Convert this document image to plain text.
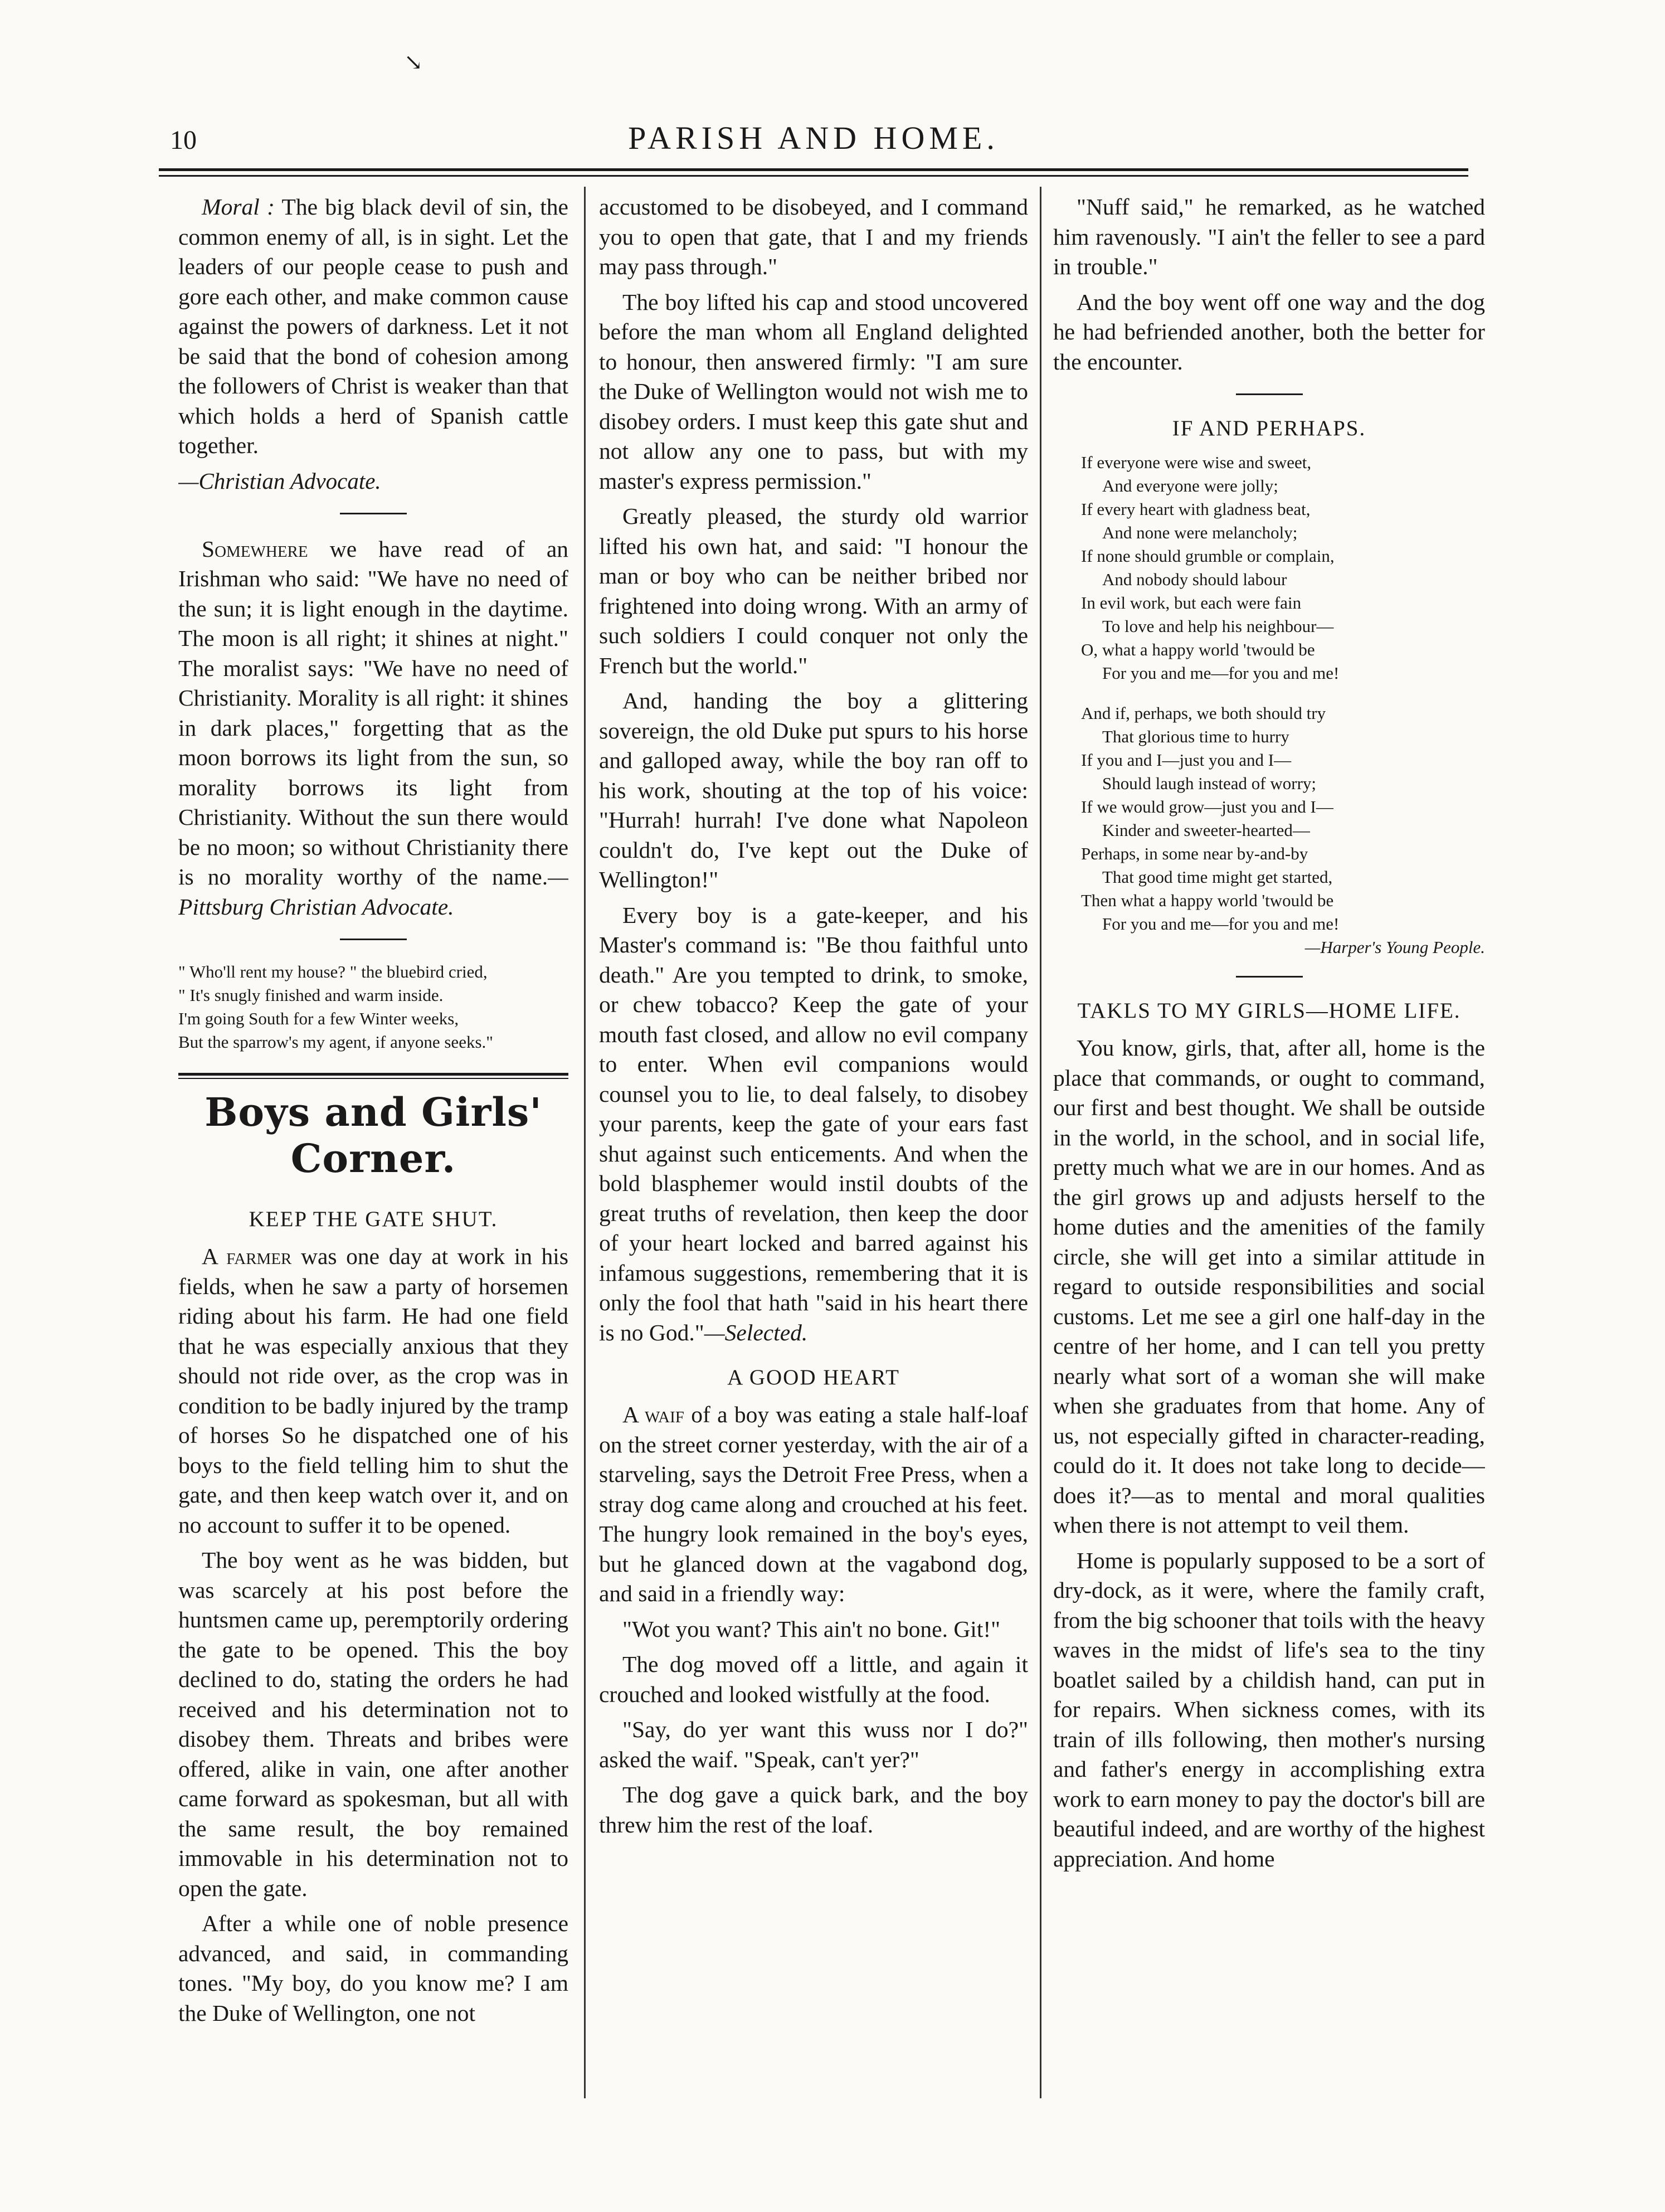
↘
10	PARISH AND HOME.

Moral : The big black devil of sin, the common enemy of all, is in sight. Let the leaders of our people cease to push and gore each other, and make common cause against the powers of darkness. Let it not be said that the bond of cohesion among the followers of Christ is weaker than that which holds a herd of Spanish cattle together.

—Christian Advocate.

Somewhere we have read of an Irishman who said: "We have no need of the sun; it is light enough in the daytime. The moon is all right; it shines at night." The moralist says: "We have no need of Christianity. Morality is all right: it shines in dark places," forgetting that as the moon borrows its light from the sun, so morality borrows its light from Christianity. Without the sun there would be no moon; so without Christianity there is no morality worthy of the name.—Pittsburg Christian Advocate.

" Who'll rent my house? " the bluebird cried,
" It's snugly finished and warm inside.
I'm going South for a few Winter weeks,
But the sparrow's my agent, if anyone seeks."
Boys and Girls' Corner.
KEEP THE GATE SHUT.

A farmer was one day at work in his fields, when he saw a party of horsemen riding about his farm. He had one field that he was especially anxious that they should not ride over, as the crop was in condition to be badly injured by the tramp of horses So he dispatched one of his boys to the field telling him to shut the gate, and then keep watch over it, and on no account to suffer it to be opened.

The boy went as he was bidden, but was scarcely at his post before the huntsmen came up, peremptorily ordering the gate to be opened. This the boy declined to do, stating the orders he had received and his determination not to disobey them. Threats and bribes were offered, alike in vain, one after another came forward as spokesman, but all with the same result, the boy remained immovable in his determination not to open the gate.

After a while one of noble presence advanced, and said, in commanding tones. "My boy, do you know me? I am the Duke of Wellington, one not

accustomed to be disobeyed, and I command you to open that gate, that I and my friends may pass through."

The boy lifted his cap and stood uncovered before the man whom all England delighted to honour, then answered firmly: "I am sure the Duke of Wellington would not wish me to disobey orders. I must keep this gate shut and not allow any one to pass, but with my master's express permission."

Greatly pleased, the sturdy old warrior lifted his own hat, and said: "I honour the man or boy who can be neither bribed nor frightened into doing wrong. With an army of such soldiers I could conquer not only the French but the world."

And, handing the boy a glittering sovereign, the old Duke put spurs to his horse and galloped away, while the boy ran off to his work, shouting at the top of his voice: "Hurrah! hurrah! I've done what Napoleon couldn't do, I've kept out the Duke of Wellington!"

Every boy is a gate-keeper, and his Master's command is: "Be thou faithful unto death." Are you tempted to drink, to smoke, or chew tobacco? Keep the gate of your mouth fast closed, and allow no evil company to enter. When evil companions would counsel you to lie, to deal falsely, to disobey your parents, keep the gate of your ears fast shut against such enticements. And when the bold blasphemer would instil doubts of the great truths of revelation, then keep the door of your heart locked and barred against his infamous suggestions, remembering that it is only the fool that hath "said in his heart there is no God."—Selected.

A GOOD HEART

A waif of a boy was eating a stale half-loaf on the street corner yesterday, with the air of a starveling, says the Detroit Free Press, when a stray dog came along and crouched at his feet. The hungry look remained in the boy's eyes, but he glanced down at the vagabond dog, and said in a friendly way:

"Wot you want? This ain't no bone. Git!"

The dog moved off a little, and again it crouched and looked wistfully at the food.

"Say, do yer want this wuss nor I do?" asked the waif. "Speak, can't yer?"

The dog gave a quick bark, and the boy threw him the rest of the loaf.

"Nuff said," he remarked, as he watched him ravenously. "I ain't the feller to see a pard in trouble."

And the boy went off one way and the dog he had befriended another, both the better for the encounter.

IF AND PERHAPS.
If everyone were wise and sweet,
And everyone were jolly;
If every heart with gladness beat,
And none were melancholy;
If none should grumble or complain,
And nobody should labour
In evil work, but each were fain
To love and help his neighbour—
O, what a happy world 'twould be
For you and me—for you and me!
And if, perhaps, we both should try
That glorious time to hurry
If you and I—just you and I—
Should laugh instead of worry;
If we would grow—just you and I—
Kinder and sweeter-hearted—
Perhaps, in some near by-and-by
That good time might get started,
Then what a happy world 'twould be
For you and me—for you and me!
—Harper's Young People.
TAKLS TO MY GIRLS—HOME LIFE.

You know, girls, that, after all, home is the place that commands, or ought to command, our first and best thought. We shall be outside in the world, in the school, and in social life, pretty much what we are in our homes. And as the girl grows up and adjusts herself to the home duties and the amenities of the family circle, she will get into a similar attitude in regard to outside responsibilities and social customs. Let me see a girl one half-day in the centre of her home, and I can tell you pretty nearly what sort of a woman she will make when she graduates from that home. Any of us, not especially gifted in character-reading, could do it. It does not take long to decide—does it?—as to mental and moral qualities when there is not attempt to veil them.

Home is popularly supposed to be a sort of dry-dock, as it were, where the family craft, from the big schooner that toils with the heavy waves in the midst of life's sea to the tiny boatlet sailed by a childish hand, can put in for repairs. When sickness comes, with its train of ills following, then mother's nursing and father's energy in accomplishing extra work to earn money to pay the doctor's bill are beautiful indeed, and are worthy of the highest appreciation. And home
